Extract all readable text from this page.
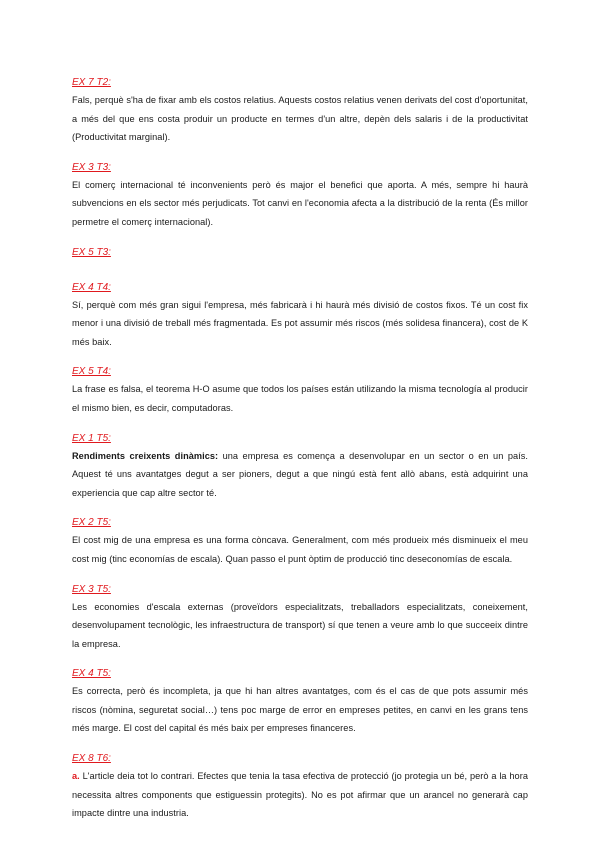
EX 7 T2:

Fals, perquè s'ha de fixar amb els costos relatius. Aquests costos relatius venen derivats del cost d'oportunitat, a més del que ens costa produir un producte en termes d'un altre, depèn dels salaris i de la productivitat (Productivitat marginal).

EX 3 T3:

El comerç internacional té inconvenients però és major el benefici que aporta. A més, sempre hi haurà subvencions en els sector més perjudicats. Tot canvi en l'economia afecta a la distribució de la renta (És millor permetre el comerç internacional).

EX 5 T3:
EX 4 T4:

Sí, perquè com més gran sigui l'empresa, més fabricarà i hi haurà més divisió de costos fixos. Té un cost fix menor i una divisió de treball més fragmentada. Es pot assumir més riscos (més solidesa financera), cost de K més baix.

EX 5 T4:

La frase es falsa, el teorema H-O asume que todos los países están utilizando la misma tecnología al producir el mismo bien, es decir, computadoras.

EX 1 T5:

Rendiments creixents dinàmics: una empresa es comença a desenvolupar en un sector o en un país. Aquest té uns avantatges degut a ser pioners, degut a que ningú està fent allò abans, està adquirint una experiencia que cap altre sector té.

EX 2 T5:

El cost mig de una empresa es una forma còncava. Generalment, com més produeix més disminueix el meu cost mig (tinc economías de escala). Quan passo el punt òptim de producció tinc deseconomías de escala.

EX 3 T5:

Les economies d'escala externas (proveïdors especialitzats, treballadors especialitzats, coneixement, desenvolupament tecnològic, les infraestructura de transport) sí que tenen a veure amb lo que succeeix dintre la empresa.

EX 4 T5:

Es correcta, però és incompleta, ja que hi han altres avantatges, com és el cas de que pots assumir més riscos (nòmina, seguretat social…) tens poc marge de error en empreses petites, en canvi en les grans tens més marge. El cost del capital és més baix per empreses financeres.

EX 8 T6:

a. L'article deia tot lo contrari. Efectes que tenia la tasa efectiva de protecció (jo protegia un bé, però a la hora necessita altres components que estiguessin protegits). No es pot afirmar que un arancel no generarà cap impacte dintre una industria.
